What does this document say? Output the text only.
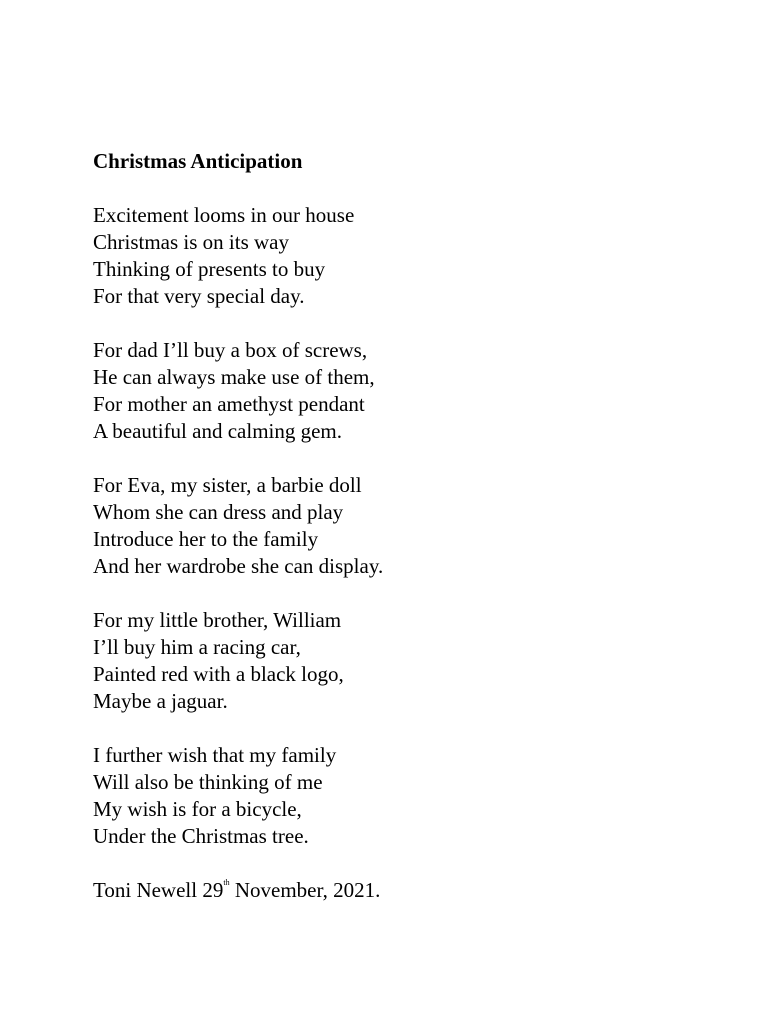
Christmas Anticipation
Excitement looms in our house
Christmas is on its way
Thinking of presents to buy
For that very special day.
For dad I’ll buy a box of screws,
He can always make use of them,
For mother an amethyst pendant
A beautiful and calming gem.
For Eva, my sister, a barbie doll
Whom she can dress and play
Introduce her to the family
And her wardrobe she can display.
For my little brother, William
I’ll buy him a racing car,
Painted red with a black logo,
Maybe a jaguar.
I further wish that my family
Will also be thinking of me
My wish is for a bicycle,
Under the Christmas tree.
Toni Newell 29th November, 2021.
